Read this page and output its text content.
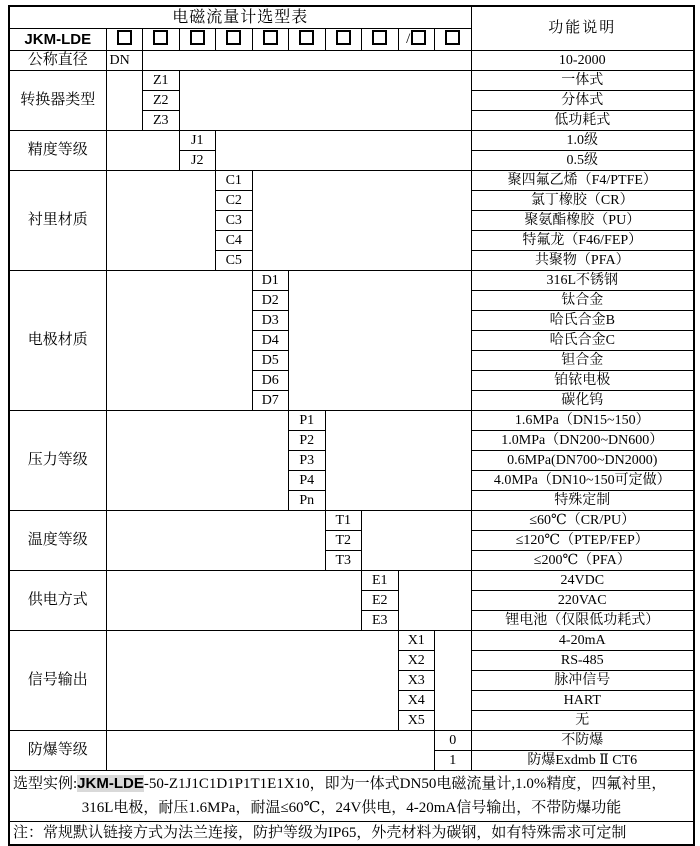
电磁流量计选型表											功能说明
JKM-LDE									/		
公称直径	DN										10-2000
转换器类型		Z1									一体式
		Z2									分体式
		Z3									低功耗式
精度等级			J1								1.0级
			J2								0.5级
衬里材质				C1							聚四氟乙烯（F4/PTFE）
				C2							氯丁橡胶（CR）
				C3							聚氨酯橡胶（PU）
				C4							特氟龙（F46/FEP）
				C5							共聚物（PFA）
电极材质					D1						316L不锈钢
					D2						钛合金
					D3						哈氏合金B
					D4						哈氏合金C
					D5						钽合金
					D6						铂铱电极
					D7						碳化钨
压力等级						P1					1.6MPa（DN15~150）
						P2					1.0MPa（DN200~DN600）
						P3					0.6MPa(DN700~DN2000)
						P4					4.0MPa（DN10~150可定做）
						Pn					特殊定制
温度等级							T1				≤60℃（CR/PU）
							T2				≤120℃（PTEP/FEP）
							T3				≤200℃（PFA）
供电方式								E1			24VDC
								E2			220VAC
								E3			锂电池（仅限低功耗式）
信号输出									X1		4-20mA
									X2		RS-485
									X3		脉冲信号
									X4		HART
									X5		无
防爆等级										0	不防爆
										1	防爆Exdmb Ⅱ CT6

选型实例:JKM-LDE-50-Z1J1C1D1P1T1E1X10，即为一体式DN50电磁流量计,1.0%精度，四氟衬里，
316L电极，耐压1.6MPa，耐温≤60℃，24V供电，4-20mA信号输出，不带防爆功能											

注：常规默认链接方式为法兰连接，防护等级为IP65，外壳材料为碳钢，如有特殊需求可定制											
